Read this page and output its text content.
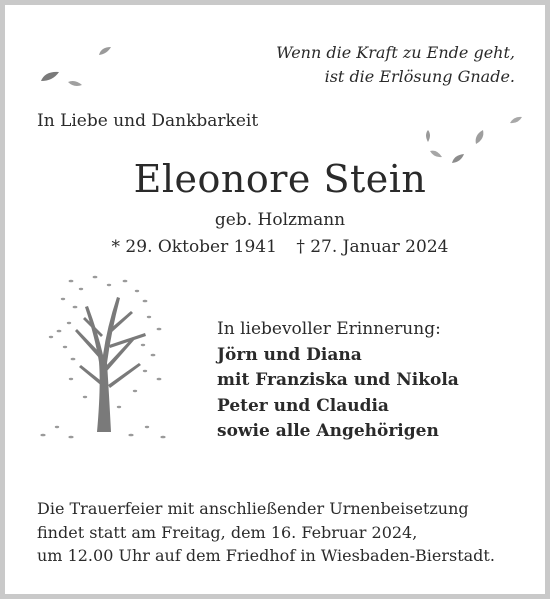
Wenn die Kraft zu Ende geht,
ist die Erlösung Gnade.
In Liebe und Dankbarkeit
Eleonore Stein
geb. Holzmann
* 29. Oktober 1941 † 27. Januar 2024
In liebevoller Erinnerung:
Jörn und Diana
mit Franziska und Nikola
Peter und Claudia
sowie alle Angehörigen
Die Trauerfeier mit anschließender Urnenbeisetzung
findet statt am Freitag, dem 16. Februar 2024,
um 12.00 Uhr auf dem Friedhof in Wiesbaden-Bierstadt.
